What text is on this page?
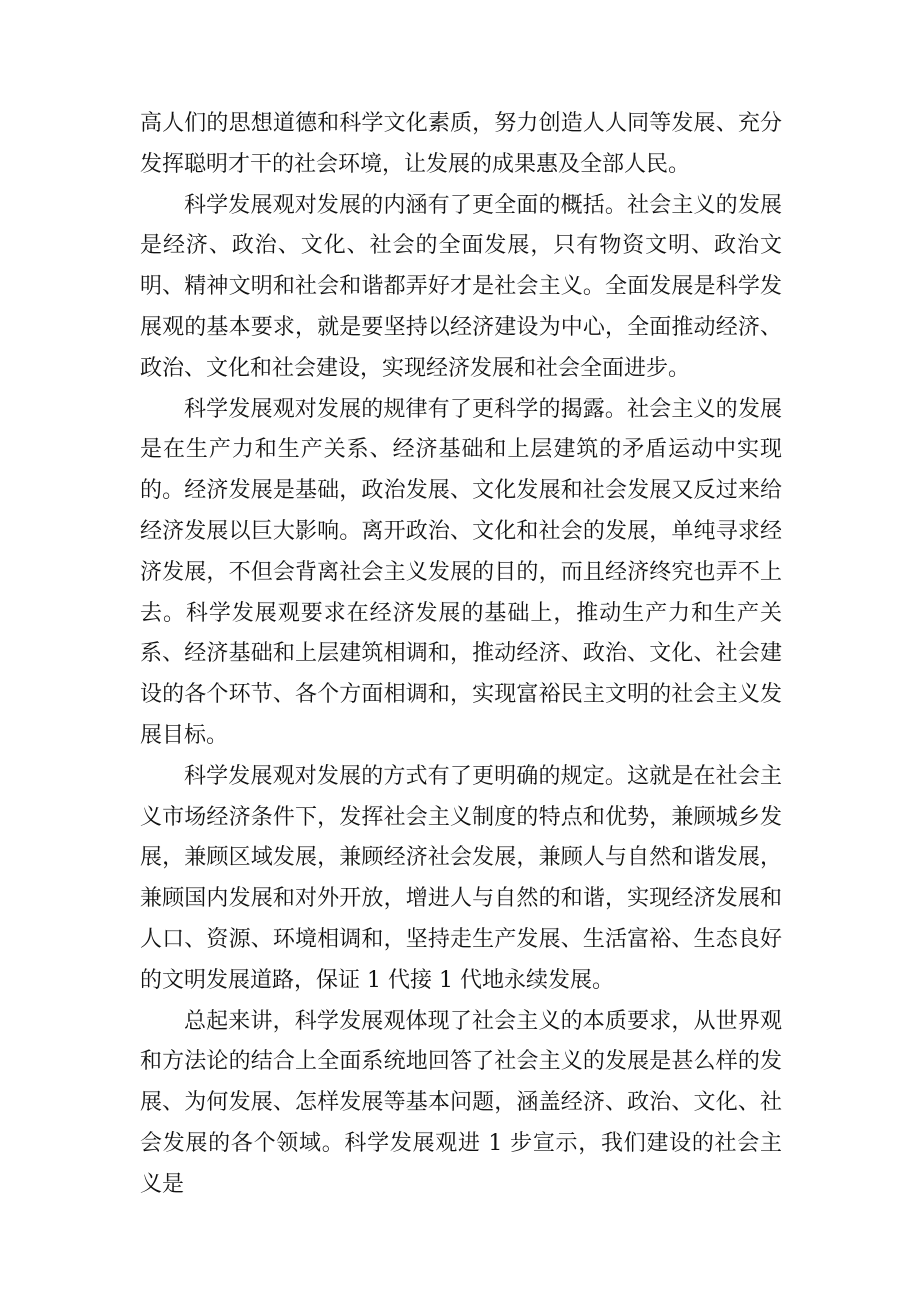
高人们的思想道德和科学文化素质，努力创造人人同等发展、充分发挥聪明才干的社会环境，让发展的成果惠及全部人民。

科学发展观对发展的内涵有了更全面的概括。社会主义的发展是经济、政治、文化、社会的全面发展，只有物资文明、政治文明、精神文明和社会和谐都弄好才是社会主义。全面发展是科学发展观的基本要求，就是要坚持以经济建设为中心，全面推动经济、政治、文化和社会建设，实现经济发展和社会全面进步。

科学发展观对发展的规律有了更科学的揭露。社会主义的发展是在生产力和生产关系、经济基础和上层建筑的矛盾运动中实现的。经济发展是基础，政治发展、文化发展和社会发展又反过来给经济发展以巨大影响。离开政治、文化和社会的发展，单纯寻求经济发展，不但会背离社会主义发展的目的，而且经济终究也弄不上去。科学发展观要求在经济发展的基础上，推动生产力和生产关系、经济基础和上层建筑相调和，推动经济、政治、文化、社会建设的各个环节、各个方面相调和，实现富裕民主文明的社会主义发展目标。

科学发展观对发展的方式有了更明确的规定。这就是在社会主义市场经济条件下，发挥社会主义制度的特点和优势，兼顾城乡发展，兼顾区域发展，兼顾经济社会发展，兼顾人与自然和谐发展，兼顾国内发展和对外开放，增进人与自然的和谐，实现经济发展和人口、资源、环境相调和，坚持走生产发展、生活富裕、生态良好的文明发展道路，保证 1 代接 1 代地永续发展。

总起来讲，科学发展观体现了社会主义的本质要求，从世界观和方法论的结合上全面系统地回答了社会主义的发展是甚么样的发展、为何发展、怎样发展等基本问题，涵盖经济、政治、文化、社会发展的各个领域。科学发展观进 1 步宣示，我们建设的社会主义是
